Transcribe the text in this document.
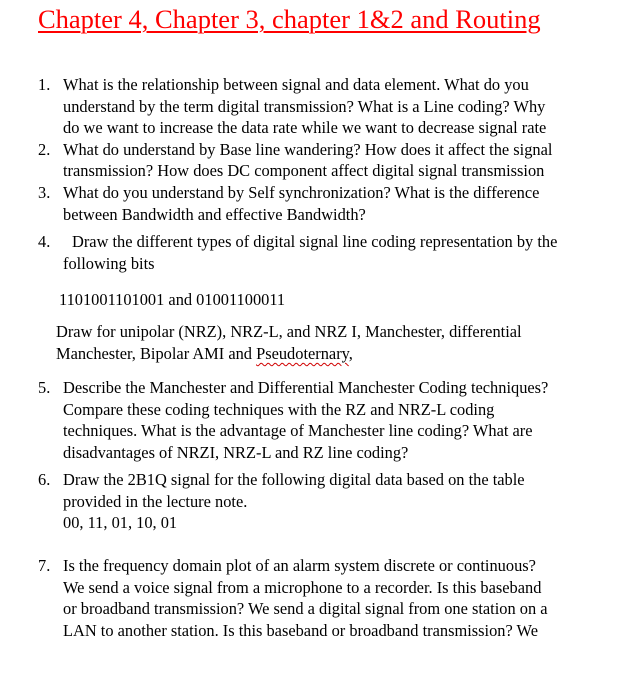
Chapter 4, Chapter 3, chapter 1&2 and Routing
1. What is the relationship between signal and data element. What do you
understand by the term digital transmission? What is a Line coding? Why
do we want to increase the data rate while we want to decrease signal rate
2. What do understand by Base line wandering? How does it affect the signal
transmission? How does DC component affect digital signal transmission
3. What do you understand by Self synchronization? What is the difference
between Bandwidth and effective Bandwidth?
4.	Draw the different types of digital signal line coding representation by the
following bits
1101001101001 and 01001100011
Draw for unipolar (NRZ), NRZ-L, and NRZ I, Manchester, differential
Manchester, Bipolar AMI and Pseudoternary,
5. Describe the Manchester and Differential Manchester Coding techniques?
Compare these coding techniques with the RZ and NRZ-L coding
techniques. What is the advantage of Manchester line coding? What are
disadvantages of NRZI, NRZ-L and RZ line coding?
6. Draw the 2B1Q signal for the following digital data based on the table
provided in the lecture note.
00, 11, 01, 10, 01
7. Is the frequency domain plot of an alarm system discrete or continuous?
We send a voice signal from a microphone to a recorder. Is this baseband
or broadband transmission? We send a digital signal from one station on a
LAN to another station. Is this baseband or broadband transmission? We
